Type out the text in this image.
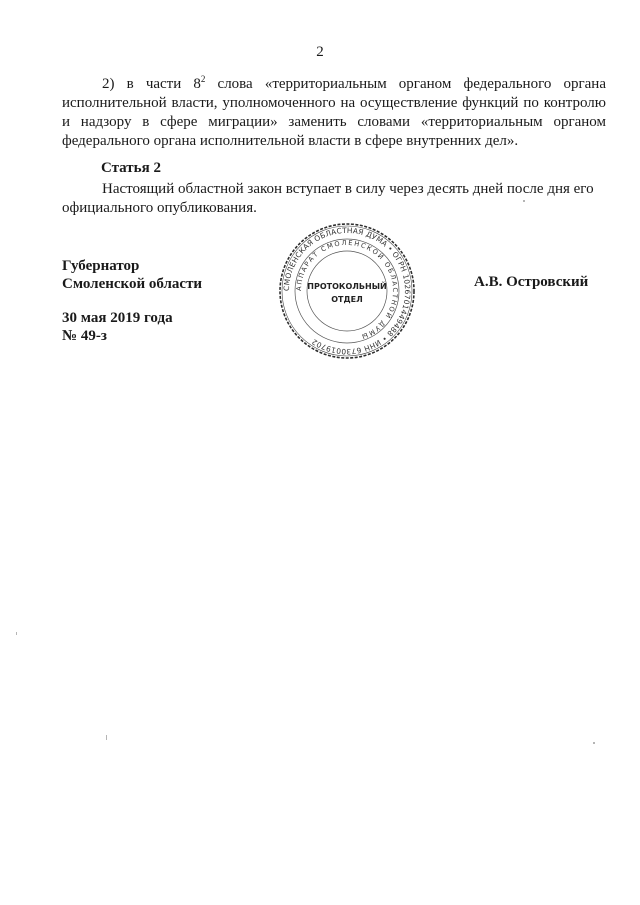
2
2) в части $8^2$ слова «территориальным органом федерального органа исполнительной власти, уполномоченного на осуществление функций по контролю и надзору в сфере миграции» заменить словами «территориальным органом федерального органа исполнительной власти в сфере внутренних дел».
Статья 2
Настоящий областной закон вступает в силу через десять дней после дня его официального опубликования.
Губернатор
Смоленской области
30 мая 2019 года
№ 49-з
А.В. Островский
СМОЛЕНСКАЯ ОБЛАСТНАЯ ДУМА • ОГРН 1026701449488 • ИНН 6730019702
АППАРАТ СМОЛЕНСКОЙ ОБЛАСТНОЙ ДУМЫ
ПРОТОКОЛЬНЫЙ
ОТДЕЛ
